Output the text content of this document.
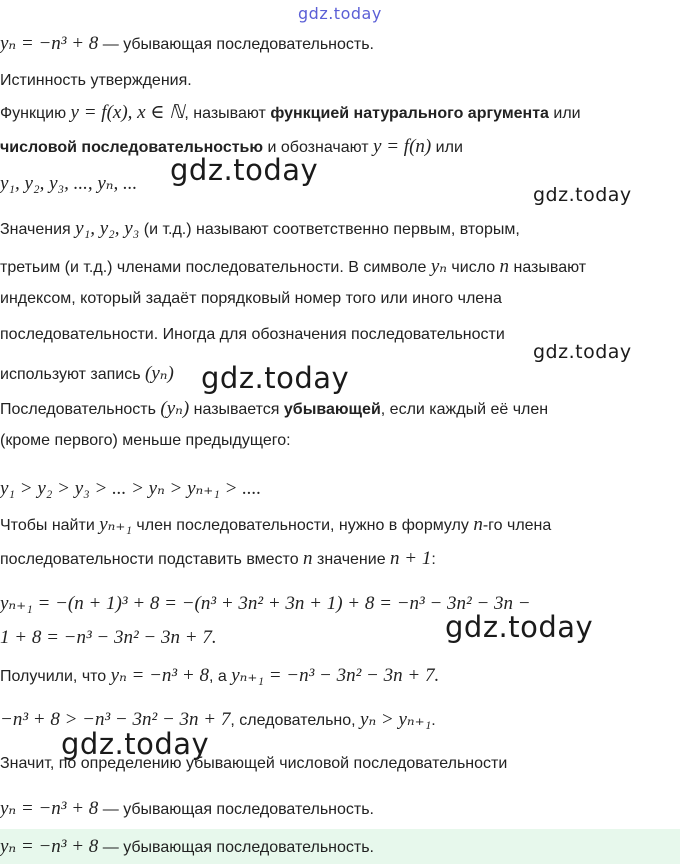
gdz.today
gdz.today
gdz.today
gdz.today
gdz.today
gdz.today
gdz.today
yₙ = −n³ + 8 — убывающая последовательность.
Истинность утверждения.
Функцию y = f(x), x ∈ ℕ, называют функцией натурального аргумента или
числовой последовательностью и обозначают y = f(n) или
y₁, y₂, y₃, ..., yₙ, ...
Значения y₁, y₂, y₃ (и т.д.) называют соответственно первым, вторым,
третьим (и т.д.) членами последовательности. В символе yₙ число n называют
индексом, который задаёт порядковый номер того или иного члена
последовательности. Иногда для обозначения последовательности
используют запись (yₙ)
Последовательность (yₙ) называется убывающей, если каждый её член
(кроме первого) меньше предыдущего:
y₁ > y₂ > y₃ > ... > yₙ > yₙ₊₁ > ....
Чтобы найти yₙ₊₁ член последовательности, нужно в формулу n-го члена
последовательности подставить вместо n значение n + 1:
yₙ₊₁ = −(n + 1)³ + 8 = −(n³ + 3n² + 3n + 1) + 8 = −n³ − 3n² − 3n −
1 + 8 = −n³ − 3n² − 3n + 7.
Получили, что yₙ = −n³ + 8, а yₙ₊₁ = −n³ − 3n² − 3n + 7.
−n³ + 8 > −n³ − 3n² − 3n + 7, следовательно, yₙ > yₙ₊₁.
Значит, по определению убывающей числовой последовательности
yₙ = −n³ + 8 — убывающая последовательность.
yₙ = −n³ + 8 — убывающая последовательность.
